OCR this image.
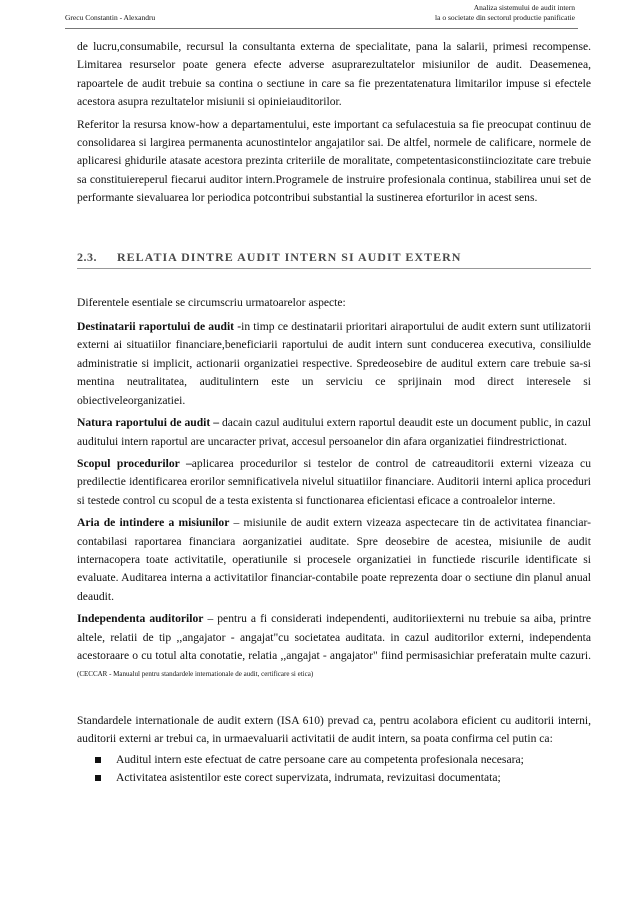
Grecu Constantin - Alexandru
Analiza sistemului de audit intern
la o societate din sectorul productie panificatie

de lucru,consumabile, recursul la consultanta externa de specialitate, pana la salarii, primesi recompense. Limitarea resurselor poate genera efecte adverse asuprarezultatelor misiunilor de audit. Deasemenea, rapoartele de audit trebuie sa contina o sectiune in care sa fie prezentatenatura limitarilor impuse si efectele acestora asupra rezultatelor misiunii si opinieiauditorilor.

Referitor la resursa know-how a departamentului, este important ca sefulacestuia sa fie preocupat continuu de consolidarea si largirea permanenta acunostintelor angajatilor sai. De altfel, normele de calificare, normele de aplicaresi ghidurile atasate acestora prezinta criteriile de moralitate, competentasiconstiinciozitate care trebuie sa constituiereperul fiecarui auditor intern.Programele de instruire profesionala continua, stabilirea unui set de performante sievaluarea lor periodica potcontribui substantial la sustinerea eforturilor in acest sens.

2.3. RELATIA DINTRE AUDIT INTERN SI AUDIT EXTERN

Diferentele esentiale se circumscriu urmatoarelor aspecte:

Destinatarii raportului de audit -in timp ce destinatarii prioritari airaportului de audit extern sunt utilizatorii externi ai situatiilor financiare,beneficiarii raportului de audit intern sunt conducerea executiva, consiliulde administratie si implicit, actionarii organizatiei respective. Spredeosebire de auditul extern care trebuie sa-si mentina neutralitatea, auditulintern este un serviciu ce sprijinain mod direct interesele si obiectiveleorganizatiei.

Natura raportului de audit – dacain cazul auditului extern raportul deaudit este un document public, in cazul auditului intern raportul are uncaracter privat, accesul persoanelor din afara organizatiei fiindrestrictionat.

Scopul procedurilor –aplicarea procedurilor si testelor de control de catreauditorii externi vizeaza cu predilectie identificarea erorilor semnificativela nivelul situatiilor financiare. Auditorii interni aplica proceduri si testede control cu scopul de a testa existenta si functionarea eficientasi eficace a controalelor interne.

Aria de intindere a misiunilor – misiunile de audit extern vizeaza aspectecare tin de activitatea financiar-contabilasi raportarea financiara aorganizatiei auditate. Spre deosebire de acestea, misiunile de audit internacopera toate activitatile, operatiunile si procesele organizatiei in functiede riscurile identificate si evaluate. Auditarea interna a activitatilor financiar-contabile poate reprezenta doar o sectiune din planul anual deaudit.

Independenta auditorilor – pentru a fi considerati independenti, auditoriiexterni nu trebuie sa aiba, printre altele, relatii de tip ,,angajator - angajat"cu societatea auditata. in cazul auditorilor externi, independenta acestoraare o cu totul alta conotatie, relatia ,,angajat - angajator" fiind permisasichiar preferatain multe cazuri. $^{(CECCAR - Manualul pentru standardele internationale de audit, certificare si etica)}$

Standardele internationale de audit extern (ISA 610) prevad ca, pentru acolabora eficient cu auditorii interni, auditorii externi ar trebui ca, in urmaevaluarii activitatii de audit intern, sa poata confirma cel putin ca:

Auditul intern este efectuat de catre persoane care au competenta profesionala necesara;
Activitatea asistentilor este corect supervizata, indrumata, revizuitasi documentata;
